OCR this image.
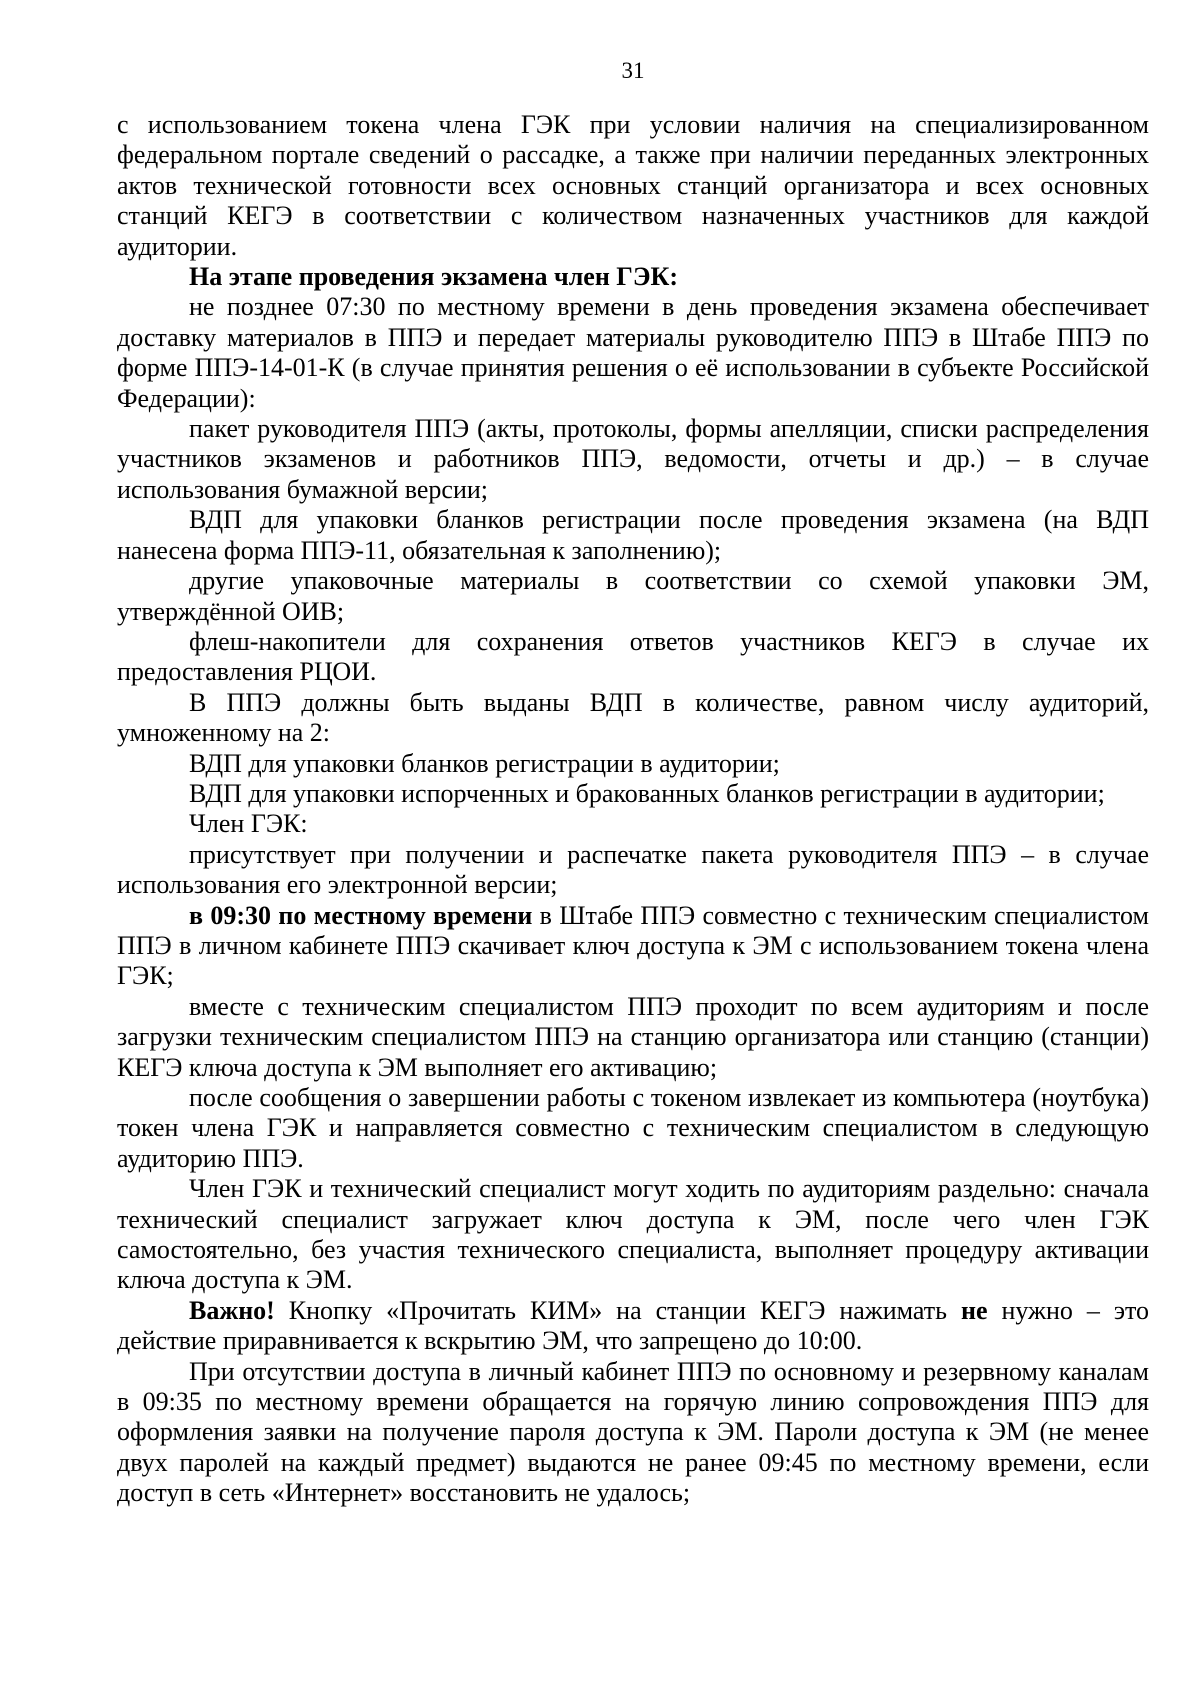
31

с использованием токена члена ГЭК при условии наличия на специализированном федеральном портале сведений о рассадке, а также при наличии переданных электронных актов технической готовности всех основных станций организатора и всех основных станций КЕГЭ в соответствии с количеством назначенных участников для каждой аудитории.

На этапе проведения экзамена член ГЭК:

не позднее 07:30 по местному времени в день проведения экзамена обеспечивает доставку материалов в ППЭ и передает материалы руководителю ППЭ в Штабе ППЭ по форме ППЭ-14-01-К (в случае принятия решения о её использовании в субъекте Российской Федерации):

пакет руководителя ППЭ (акты, протоколы, формы апелляции, списки распределения участников экзаменов и работников ППЭ, ведомости, отчеты и др.) – в случае использования бумажной версии;

ВДП для упаковки бланков регистрации после проведения экзамена (на ВДП нанесена форма ППЭ-11, обязательная к заполнению);

другие упаковочные материалы в соответствии со схемой упаковки ЭМ, утверждённой ОИВ;

флеш-накопители для сохранения ответов участников КЕГЭ в случае их предоставления РЦОИ.

В ППЭ должны быть выданы ВДП в количестве, равном числу аудиторий, умноженному на 2:

ВДП для упаковки бланков регистрации в аудитории;

ВДП для упаковки испорченных и бракованных бланков регистрации в аудитории;

Член ГЭК:

присутствует при получении и распечатке пакета руководителя ППЭ – в случае использования его электронной версии;

в 09:30 по местному времени в Штабе ППЭ совместно с техническим специалистом ППЭ в личном кабинете ППЭ скачивает ключ доступа к ЭМ с использованием токена члена ГЭК;

вместе с техническим специалистом ППЭ проходит по всем аудиториям и после загрузки техническим специалистом ППЭ на станцию организатора или станцию (станции) КЕГЭ ключа доступа к ЭМ выполняет его активацию;

после сообщения о завершении работы с токеном извлекает из компьютера (ноутбука) токен члена ГЭК и направляется совместно с техническим специалистом в следующую аудиторию ППЭ.

Член ГЭК и технический специалист могут ходить по аудиториям раздельно: сначала технический специалист загружает ключ доступа к ЭМ, после чего член ГЭК самостоятельно, без участия технического специалиста, выполняет процедуру активации ключа доступа к ЭМ.

Важно! Кнопку «Прочитать КИМ» на станции КЕГЭ нажимать не нужно – это действие приравнивается к вскрытию ЭМ, что запрещено до 10:00.

При отсутствии доступа в личный кабинет ППЭ по основному и резервному каналам в 09:35 по местному времени обращается на горячую линию сопровождения ППЭ для оформления заявки на получение пароля доступа к ЭМ. Пароли доступа к ЭМ (не менее двух паролей на каждый предмет) выдаются не ранее 09:45 по местному времени, если доступ в сеть «Интернет» восстановить не удалось;
